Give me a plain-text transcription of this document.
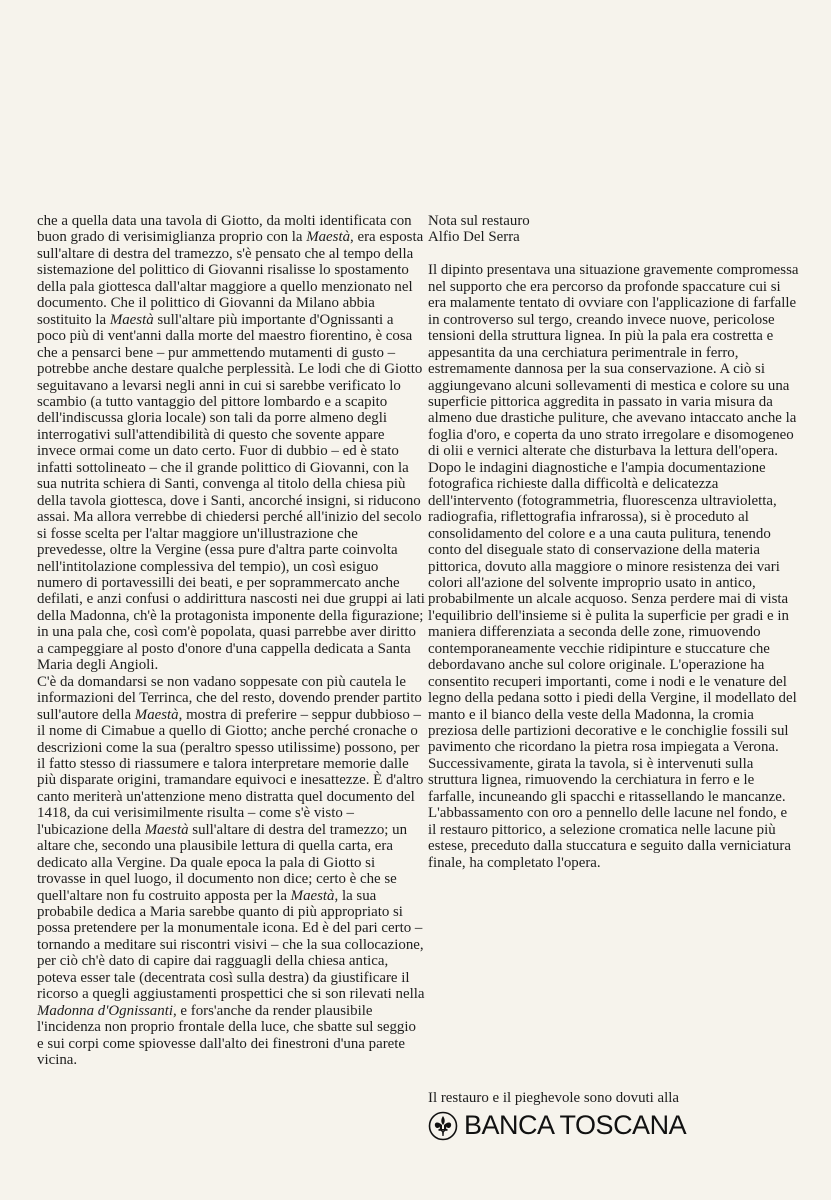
che a quella data una tavola di Giotto, da molti identificata con buon grado di verisimiglianza proprio con la Maestà, era esposta sull'altare di destra del tramezzo, s'è pensato che al tempo della sistemazione del polittico di Giovanni risalisse lo spostamento della pala giottesca dall'altar maggiore a quello menzionato nel documento. Che il polittico di Giovanni da Milano abbia sostituito la Maestà sull'altare più importante d'Ognissanti a poco più di vent'anni dalla morte del maestro fiorentino, è cosa che a pensarci bene – pur ammettendo mutamenti di gusto – potrebbe anche destare qualche perplessità. Le lodi che di Giotto seguitavano a levarsi negli anni in cui si sarebbe verificato lo scambio (a tutto vantaggio del pittore lombardo e a scapito dell'indiscussa gloria locale) son tali da porre almeno degli interrogativi sull'attendibilità di questo che sovente appare invece ormai come un dato certo. Fuor di dubbio – ed è stato infatti sottolineato – che il grande polittico di Giovanni, con la sua nutrita schiera di Santi, convenga al titolo della chiesa più della tavola giottesca, dove i Santi, ancorché insigni, si riducono assai. Ma allora verrebbe di chiedersi perché all'inizio del secolo si fosse scelta per l'altar maggiore un'illustrazione che prevedesse, oltre la Vergine (essa pure d'altra parte coinvolta nell'intitolazione complessiva del tempio), un così esiguo numero di portavessilli dei beati, e per soprammercato anche defilati, e anzi confusi o addirittura nascosti nei due gruppi ai lati della Madonna, ch'è la protagonista imponente della figurazione; in una pala che, così com'è popolata, quasi parrebbe aver diritto a campeggiare al posto d'onore d'una cappella dedicata a Santa Maria degli Angioli.

C'è da domandarsi se non vadano soppesate con più cautela le informazioni del Terrinca, che del resto, dovendo prender partito sull'autore della Maestà, mostra di preferire – seppur dubbioso – il nome di Cimabue a quello di Giotto; anche perché cronache o descrizioni come la sua (peraltro spesso utilissime) possono, per il fatto stesso di riassumere e talora interpretare memorie dalle più disparate origini, tramandare equivoci e inesattezze. È d'altro canto meriterà un'attenzione meno distratta quel documento del 1418, da cui verisimilmente risulta – come s'è visto – l'ubicazione della Maestà sull'altare di destra del tramezzo; un altare che, secondo una plausibile lettura di quella carta, era dedicato alla Vergine. Da quale epoca la pala di Giotto si trovasse in quel luogo, il documento non dice; certo è che se quell'altare non fu costruito apposta per la Maestà, la sua probabile dedica a Maria sarebbe quanto di più appropriato si possa pretendere per la monumentale icona. Ed è del pari certo – tornando a meditare sui riscontri visivi – che la sua collocazione, per ciò ch'è dato di capire dai ragguagli della chiesa antica, poteva esser tale (decentrata così sulla destra) da giustificare il ricorso a quegli aggiustamenti prospettici che si son rilevati nella Madonna d'Ognissanti, e fors'anche da render plausibile l'incidenza non proprio frontale della luce, che sbatte sul seggio e sui corpi come spiovesse dall'alto dei finestroni d'una parete vicina.

Nota sul restauro

Alfio Del Serra

Il dipinto presentava una situazione gravemente compromessa nel supporto che era percorso da profonde spaccature cui si era malamente tentato di ovviare con l'applicazione di farfalle in controverso sul tergo, creando invece nuove, pericolose tensioni della struttura lignea. In più la pala era costretta e appesantita da una cerchiatura perimentrale in ferro, estremamente dannosa per la sua conservazione. A ciò si aggiungevano alcuni sollevamenti di mestica e colore su una superficie pittorica aggredita in passato in varia misura da almeno due drastiche puliture, che avevano intaccato anche la foglia d'oro, e coperta da uno strato irregolare e disomogeneo di olii e vernici alterate che disturbava la lettura dell'opera.

Dopo le indagini diagnostiche e l'ampia documentazione fotografica richieste dalla difficoltà e delicatezza dell'intervento (fotogrammetria, fluorescenza ultravioletta, radiografia, riflettografia infrarossa), si è proceduto al consolidamento del colore e a una cauta pulitura, tenendo conto del diseguale stato di conservazione della materia pittorica, dovuto alla maggiore o minore resistenza dei vari colori all'azione del solvente improprio usato in antico, probabilmente un alcale acquoso. Senza perdere mai di vista l'equilibrio dell'insieme si è pulita la superficie per gradi e in maniera differenziata a seconda delle zone, rimuovendo contemporaneamente vecchie ridipinture e stuccature che debordavano anche sul colore originale. L'operazione ha consentito recuperi importanti, come i nodi e le venature del legno della pedana sotto i piedi della Vergine, il modellato del manto e il bianco della veste della Madonna, la cromia preziosa delle partizioni decorative e le conchiglie fossili sul pavimento che ricordano la pietra rosa impiegata a Verona. Successivamente, girata la tavola, si è intervenuti sulla struttura lignea, rimuovendo la cerchiatura in ferro e le farfalle, incuneando gli spacchi e ritassellando le mancanze.

L'abbassamento con oro a pennello delle lacune nel fondo, e il restauro pittorico, a selezione cromatica nelle lacune più estese, preceduto dalla stuccatura e seguito dalla verniciatura finale, ha completato l'opera.

Il restauro e il pieghevole sono dovuti alla
BANCA TOSCANA
